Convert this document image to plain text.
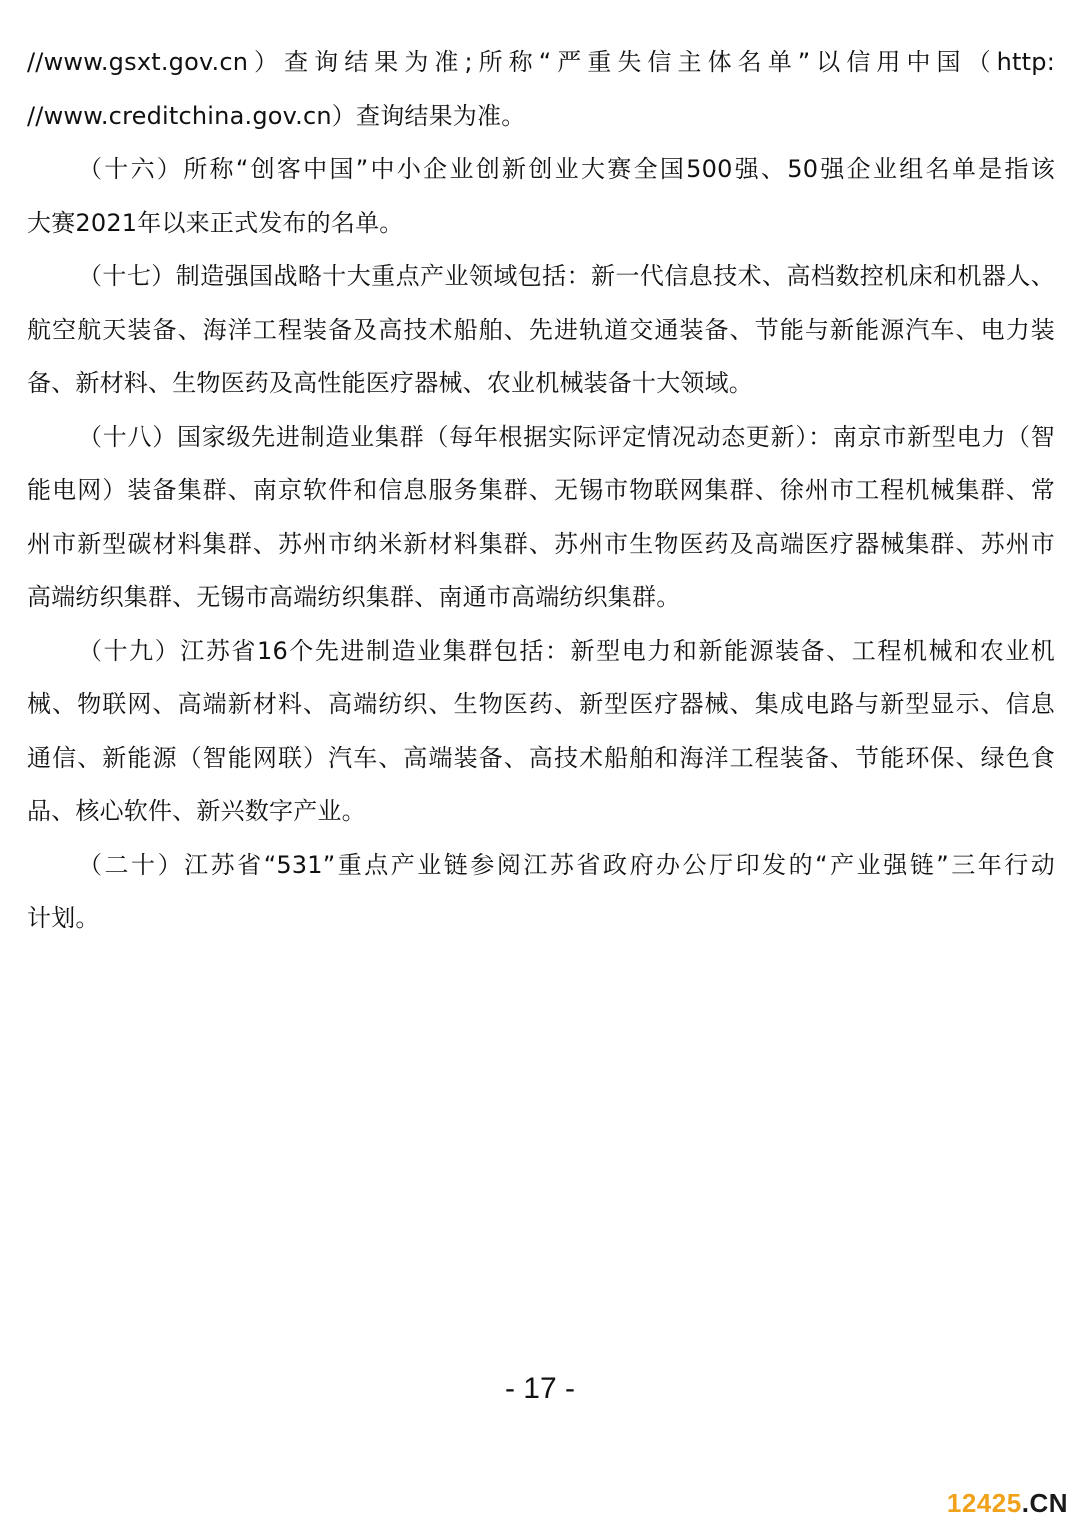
//www.gsxt.gov.cn）查询结果为准;所称“严重失信主体名单”以信用中国（http:
//www.creditchina.gov.cn）查询结果为准。
（十六）所称“创客中国”中小企业创新创业大赛全国500强、50强企业组名单是指该
大赛2021年以来正式发布的名单。
（十七）制造强国战略十大重点产业领域包括：新一代信息技术、高档数控机床和机器人、
航空航天装备、海洋工程装备及高技术船舶、先进轨道交通装备、节能与新能源汽车、电力装
备、新材料、生物医药及高性能医疗器械、农业机械装备十大领域。
（十八）国家级先进制造业集群（每年根据实际评定情况动态更新）：南京市新型电力（智
能电网）装备集群、南京软件和信息服务集群、无锡市物联网集群、徐州市工程机械集群、常
州市新型碳材料集群、苏州市纳米新材料集群、苏州市生物医药及高端医疗器械集群、苏州市
高端纺织集群、无锡市高端纺织集群、南通市高端纺织集群。
（十九）江苏省16个先进制造业集群包括：新型电力和新能源装备、工程机械和农业机
械、物联网、高端新材料、高端纺织、生物医药、新型医疗器械、集成电路与新型显示、信息
通信、新能源（智能网联）汽车、高端装备、高技术船舶和海洋工程装备、节能环保、绿色食
品、核心软件、新兴数字产业。
（二十）江苏省“531”重点产业链参阅江苏省政府办公厅印发的“产业强链”三年行动
计划。
- 17 -
12425.CN
